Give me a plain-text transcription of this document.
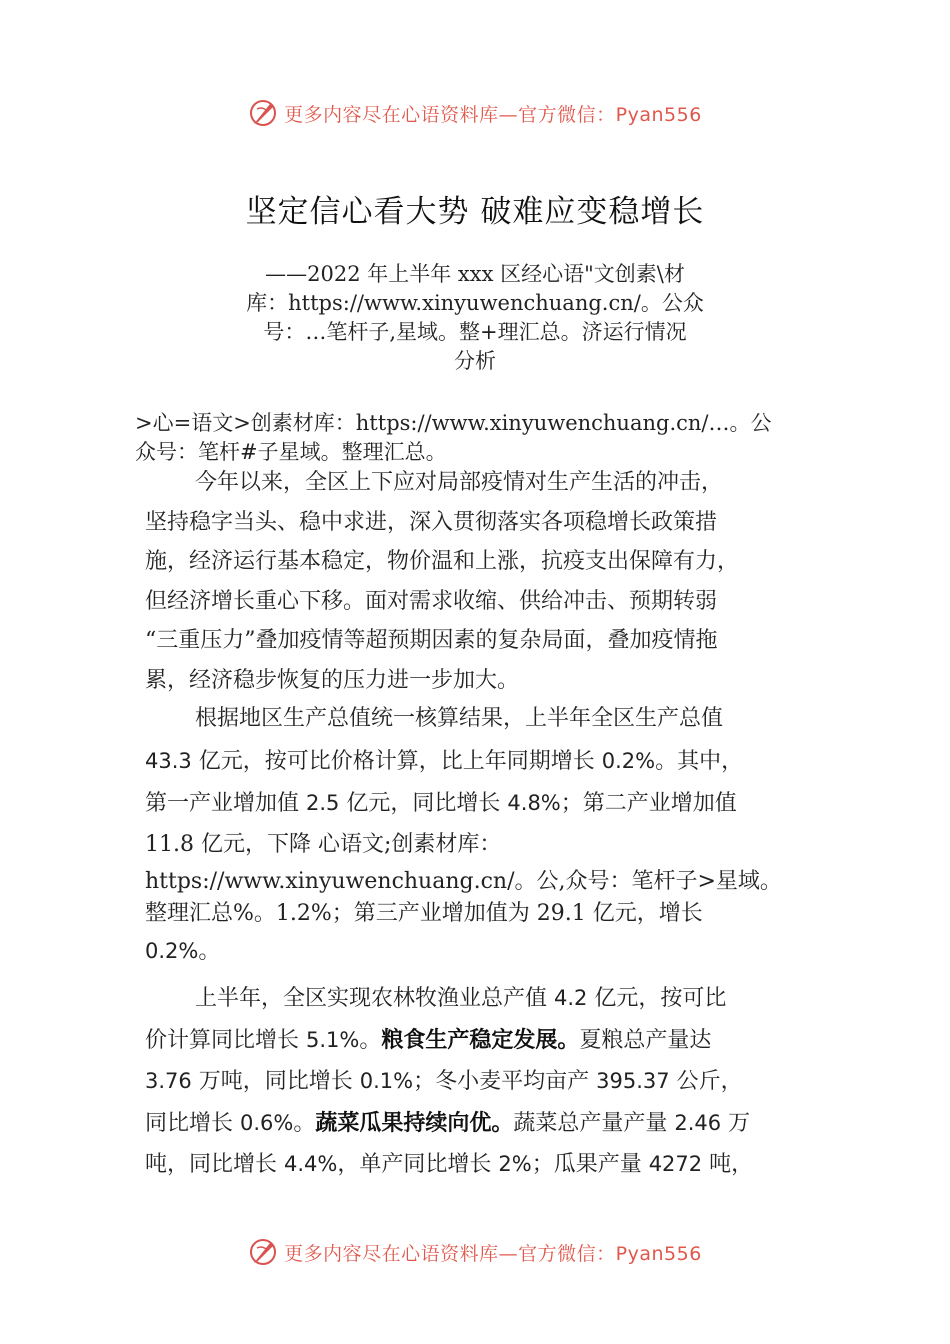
更多内容尽在心语资料库—官方微信：Pyan556
坚定信心看大势 破难应变稳增长
——2022 年上半年 xxx 区经心语"文创素\材
库：https://www.xinyuwenchuang.cn/。公众
号：…笔杆子,星域。整+理汇总。济运行情况
分析
>心=语文>创素材库：https://www.xinyuwenchuang.cn/…。公
众号：笔杆#子星域。整理汇总。
今年以来，全区上下应对局部疫情对生产生活的冲击，
坚持稳字当头、稳中求进，深入贯彻落实各项稳增长政策措
施，经济运行基本稳定，物价温和上涨，抗疫支出保障有力，
但经济增长重心下移。面对需求收缩、供给冲击、预期转弱
“三重压力”叠加疫情等超预期因素的复杂局面，叠加疫情拖
累，经济稳步恢复的压力进一步加大。
根据地区生产总值统一核算结果，上半年全区生产总值
43.3 亿元，按可比价格计算，比上年同期增长 0.2%。其中，
第一产业增加值 2.5 亿元，同比增长 4.8%；第二产业增加值
11.8 亿元，下降 心语文;创素材库：
https://www.xinyuwenchuang.cn/。公,众号：笔杆子>星域。
整理汇总%。1.2%；第三产业增加值为 29.1 亿元，增长
0.2%。
上半年，全区实现农林牧渔业总产值 4.2 亿元，按可比
价计算同比增长 5.1%。粮食生产稳定发展。夏粮总产量达
3.76 万吨，同比增长 0.1%；冬小麦平均亩产 395.37 公斤，
同比增长 0.6%。蔬菜瓜果持续向优。蔬菜总产量产量 2.46 万
吨，同比增长 4.4%，单产同比增长 2%；瓜果产量 4272 吨，
更多内容尽在心语资料库—官方微信：Pyan556
